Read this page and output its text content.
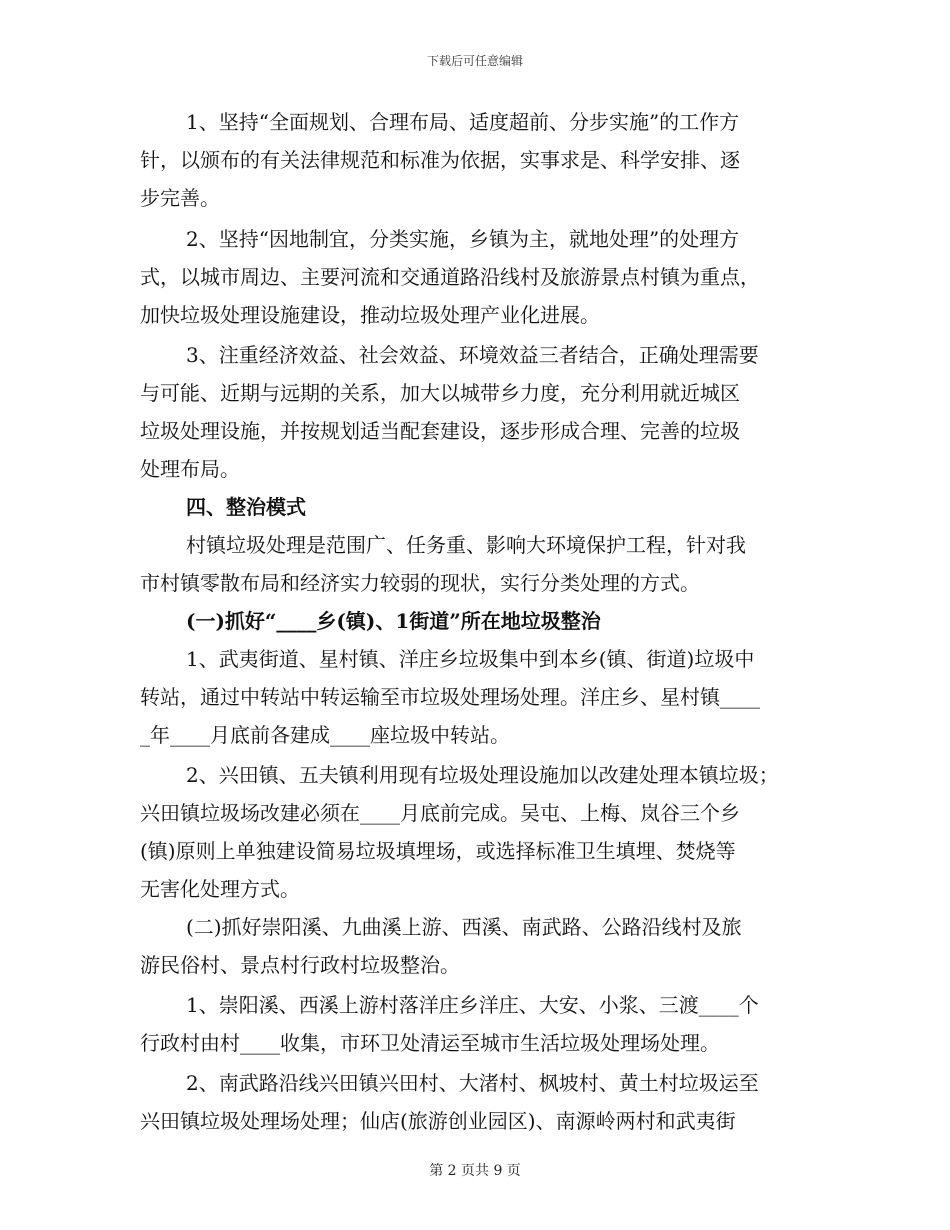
下载后可任意编辑
1、坚持“全面规划、合理布局、适度超前、分步实施”的工作方
针，以颁布的有关法律规范和标准为依据，实事求是、科学安排、逐
步完善。
2、坚持“因地制宜，分类实施，乡镇为主，就地处理”的处理方
式，以城市周边、主要河流和交通道路沿线村及旅游景点村镇为重点，
加快垃圾处理设施建设，推动垃圾处理产业化进展。
3、注重经济效益、社会效益、环境效益三者结合，正确处理需要
与可能、近期与远期的关系，加大以城带乡力度，充分利用就近城区
垃圾处理设施，并按规划适当配套建设，逐步形成合理、完善的垃圾
处理布局。
四、整治模式
村镇垃圾处理是范围广、任务重、影响大环境保护工程，针对我
市村镇零散布局和经济实力较弱的现状，实行分类处理的方式。
(一)抓好“____乡(镇)、1街道”所在地垃圾整治
1、武夷街道、星村镇、洋庄乡垃圾集中到本乡(镇、街道)垃圾中
转站，通过中转站中转运输至市垃圾处理场处理。洋庄乡、星村镇____
_年____月底前各建成____座垃圾中转站。
2、兴田镇、五夫镇利用现有垃圾处理设施加以改建处理本镇垃圾；
兴田镇垃圾场改建必须在____月底前完成。吴屯、上梅、岚谷三个乡
(镇)原则上单独建设简易垃圾填埋场，或选择标准卫生填埋、焚烧等
无害化处理方式。
(二)抓好崇阳溪、九曲溪上游、西溪、南武路、公路沿线村及旅
游民俗村、景点村行政村垃圾整治。
1、崇阳溪、西溪上游村落洋庄乡洋庄、大安、小浆、三渡____个
行政村由村____收集，市环卫处清运至城市生活垃圾处理场处理。
2、南武路沿线兴田镇兴田村、大渚村、枫坡村、黄土村垃圾运至
兴田镇垃圾处理场处理；仙店(旅游创业园区)、南源岭两村和武夷街
第 2 页共 9 页
